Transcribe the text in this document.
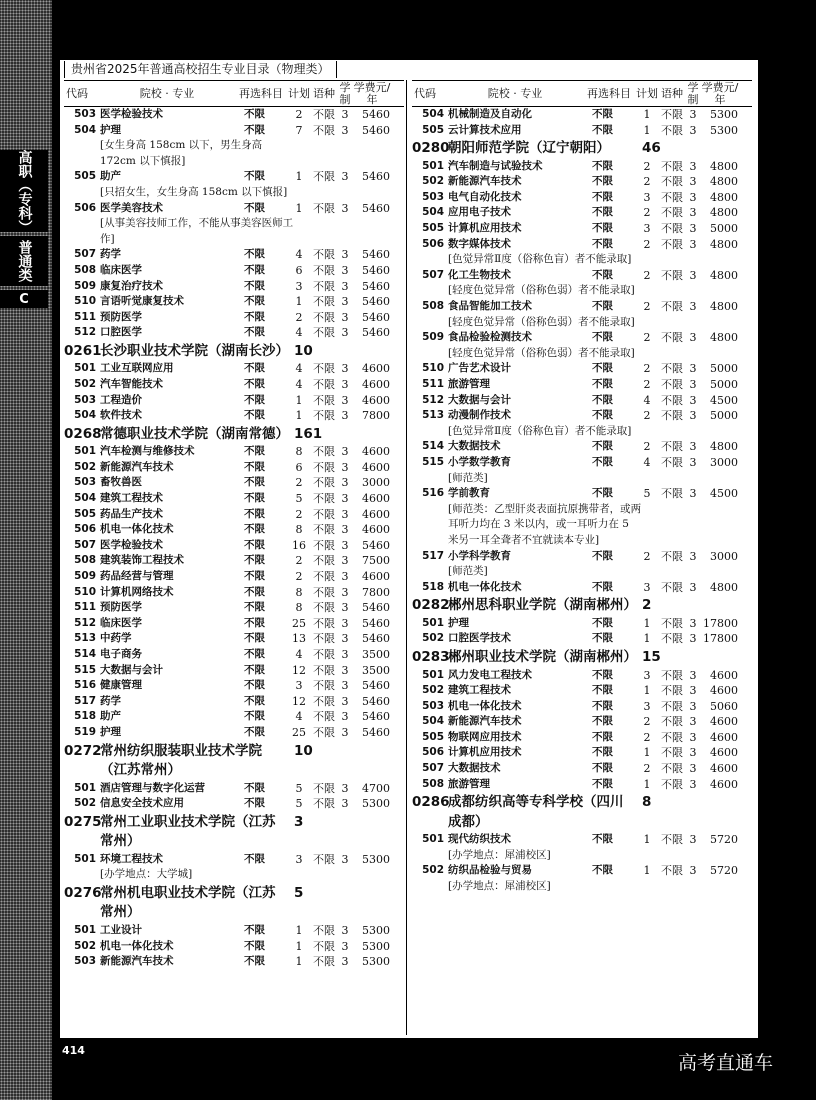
高职（专科）
普通类
C
贵州省2025年普通高校招生专业目录（物理类）
代码	院校 · 专业	再选科目 计划 语种 学制
学费元/年
503 医学检验技术	不限	2 不限 3	5460
504 护理	不限	7 不限 3	5460
[女生身高 158cm 以下，男生身高 172cm 以下慎报]
505 助产	不限	1 不限 3	5460
[只招女生，女生身高 158cm 以下慎报]
506 医学美容技术	不限	1 不限 3	5460
[从事美容技师工作，不能从事美容医师工作]
507 药学	不限	4 不限 3	5460
508 临床医学	不限	6 不限 3	5460
509 康复治疗技术	不限	3 不限 3	5460
510 言语听觉康复技术	不限	1 不限 3	5460
511 预防医学	不限	2 不限 3	5460
512 口腔医学	不限	4 不限 3	5460
0261
长沙职业技术学院（湖南长沙） 10
501 工业互联网应用	不限	4 不限 3	4600
502 汽车智能技术	不限	4 不限 3	4600
503 工程造价	不限	1 不限 3	4600
504 软件技术	不限	1 不限 3	7800
0268
常德职业技术学院（湖南常德） 161
501 汽车检测与维修技术	不限	8 不限 3	4600
502 新能源汽车技术	不限	6 不限 3	4600
503 畜牧兽医	不限	2 不限 3	3000
504 建筑工程技术	不限	5 不限 3	4600
505 药品生产技术	不限	2 不限 3	4600
506 机电一体化技术	不限	8 不限 3	4600
507 医学检验技术	不限	16 不限 3	5460
508 建筑装饰工程技术	不限	2 不限 3	7500
509 药品经营与管理	不限	2 不限 3	4600
510 计算机网络技术	不限	8 不限 3	7800
511 预防医学	不限	8 不限 3	5460
512 临床医学	不限	25 不限 3	5460
513 中药学	不限	13 不限 3	5460
514 电子商务	不限	4 不限 3	3500
515 大数据与会计	不限	12 不限 3	3500
516 健康管理	不限	3 不限 3	5460
517 药学	不限	12 不限 3	5460
518 助产	不限	4 不限 3	5460
519 护理	不限	25 不限 3	5460
0272
常州纺织服装职业技术学院（江苏常州）
10
501 酒店管理与数字化运营	不限	5 不限 3	4700
502 信息安全技术应用	不限	5 不限 3	5300
0275
常州工业职业技术学院（江苏常州）
3
501 环境工程技术	不限	3 不限 3	5300
[办学地点：大学城]
0276
常州机电职业技术学院（江苏常州）
5
501 工业设计	不限	1 不限 3	5300
502 机电一体化技术	不限	1 不限 3	5300
503 新能源汽车技术	不限	1 不限 3	5300
代码	院校 · 专业	再选科目 计划 语种 学制
学费元/年
504 机械制造及自动化	不限	1 不限 3	5300
505 云计算技术应用	不限	1 不限 3	5300
0280
朝阳师范学院（辽宁朝阳）	46
501 汽车制造与试验技术	不限	2 不限 3	4800
502 新能源汽车技术	不限	2 不限 3	4800
503 电气自动化技术	不限	3 不限 3	4800
504 应用电子技术	不限	2 不限 3	4800
505 计算机应用技术	不限	3 不限 3	5000
506 数字媒体技术	不限	2 不限 3	4800
[色觉异常Ⅱ度（俗称色盲）者不能录取]
507 化工生物技术	不限	2 不限 3	4800
[轻度色觉异常（俗称色弱）者不能录取]
508 食品智能加工技术	不限	2 不限 3	4800
[轻度色觉异常（俗称色弱）者不能录取]
509 食品检验检测技术	不限	2 不限 3	4800
[轻度色觉异常（俗称色弱）者不能录取]
510 广告艺术设计	不限	2 不限 3	5000
511 旅游管理	不限	2 不限 3	5000
512 大数据与会计	不限	4 不限 3	4500
513 动漫制作技术	不限	2 不限 3	5000
[色觉异常Ⅱ度（俗称色盲）者不能录取]
514 大数据技术	不限	2 不限 3	4800
515 小学数学教育	不限	4 不限 3	3000
[师范类]
516 学前教育	不限	5 不限 3	4500
[师范类：乙型肝炎表面抗原携带者，或两耳听力均在 3 米以内，或一耳听力在 5 米另一耳全聋者不宜就读本专业]
517 小学科学教育	不限	2 不限 3	3000
[师范类]
518 机电一体化技术	不限	3 不限 3	4800
0282
郴州思科职业学院（湖南郴州） 2
501 护理	不限	1 不限 3 17800
502 口腔医学技术	不限	1 不限 3 17800
0283
郴州职业技术学院（湖南郴州） 15
501 风力发电工程技术	不限	3 不限 3	4600
502 建筑工程技术	不限	1 不限 3	4600
503 机电一体化技术	不限	3 不限 3	5060
504 新能源汽车技术	不限	2 不限 3	4600
505 物联网应用技术	不限	2 不限 3	4600
506 计算机应用技术	不限	1 不限 3	4600
507 大数据技术	不限	2 不限 3	4600
508 旅游管理	不限	1 不限 3	4600
0286
成都纺织高等专科学校（四川成都）
8
501 现代纺织技术	不限	1 不限 3	5720
[办学地点：犀浦校区]
502 纺织品检验与贸易	不限	1 不限 3	5720
[办学地点：犀浦校区]
414
高考直通车
